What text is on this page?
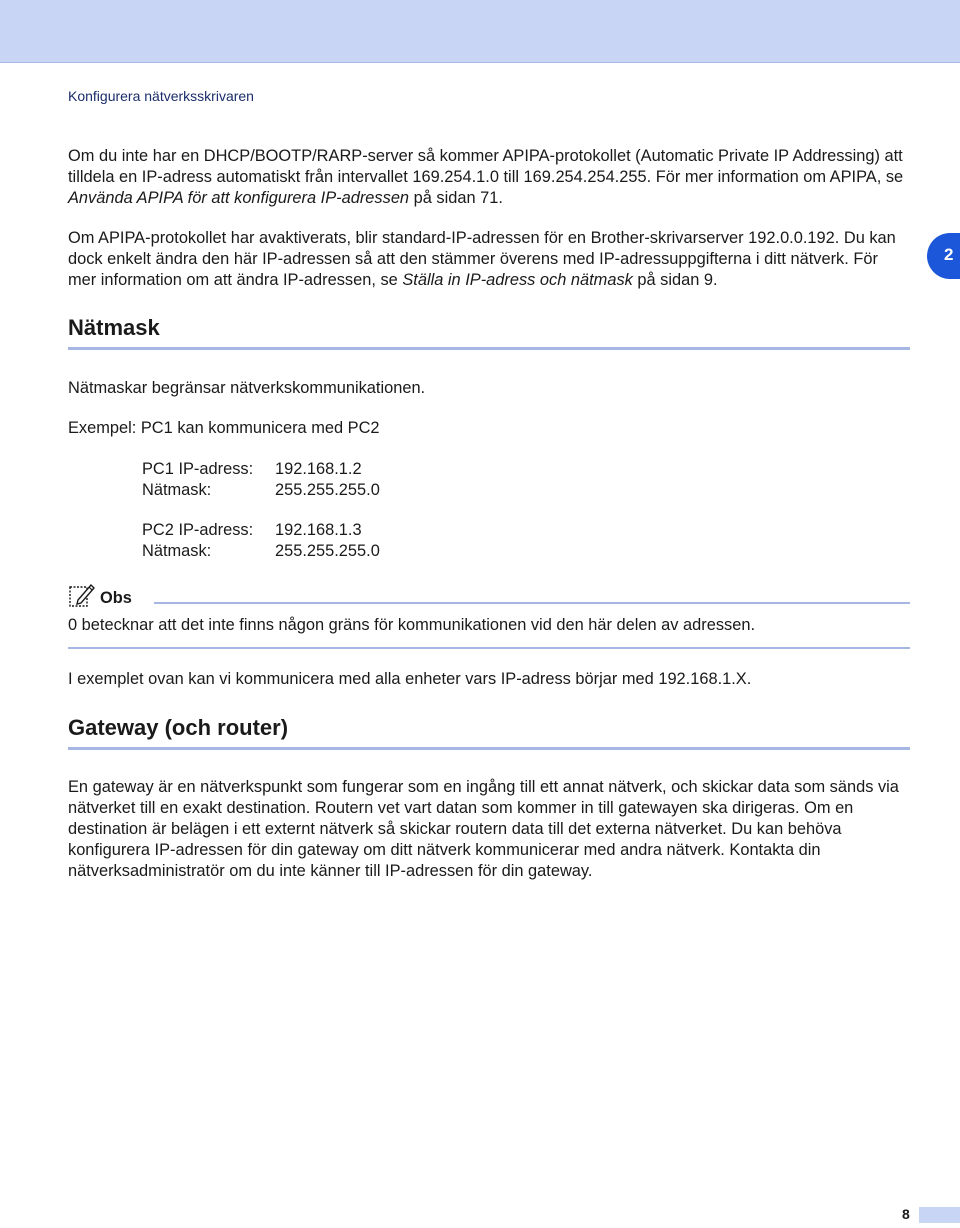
Konfigurera nätverksskrivaren
2

Om du inte har en DHCP/BOOTP/RARP-server så kommer APIPA-protokollet (Automatic Private IP Addressing) att tilldela en IP-adress automatiskt från intervallet 169.254.1.0 till 169.254.254.255. För mer information om APIPA, se Använda APIPA för att konfigurera IP-adressen på sidan 71.

Om APIPA-protokollet har avaktiverats, blir standard-IP-adressen för en Brother-skrivarserver 192.0.0.192. Du kan dock enkelt ändra den här IP-adressen så att den stämmer överens med IP-adressuppgifterna i ditt nätverk. För mer information om att ändra IP-adressen, se Ställa in IP-adress och nätmask på sidan 9.

Nätmask

Nätmaskar begränsar nätverkskommunikationen.

Exempel: PC1 kan kommunicera med PC2

PC1 IP-adress:	192.168.1.2
Nätmask:	255.255.255.0
PC2 IP-adress:	192.168.1.3
Nätmask:	255.255.255.0
Obs

0 betecknar att det inte finns någon gräns för kommunikationen vid den här delen av adressen.

I exemplet ovan kan vi kommunicera med alla enheter vars IP-adress börjar med 192.168.1.X.

Gateway (och router)

En gateway är en nätverkspunkt som fungerar som en ingång till ett annat nätverk, och skickar data som sänds via nätverket till en exakt destination. Routern vet vart datan som kommer in till gatewayen ska dirigeras. Om en destination är belägen i ett externt nätverk så skickar routern data till det externa nätverket. Du kan behöva konfigurera IP-adressen för din gateway om ditt nätverk kommunicerar med andra nätverk. Kontakta din nätverksadministratör om du inte känner till IP-adressen för din gateway.

8
